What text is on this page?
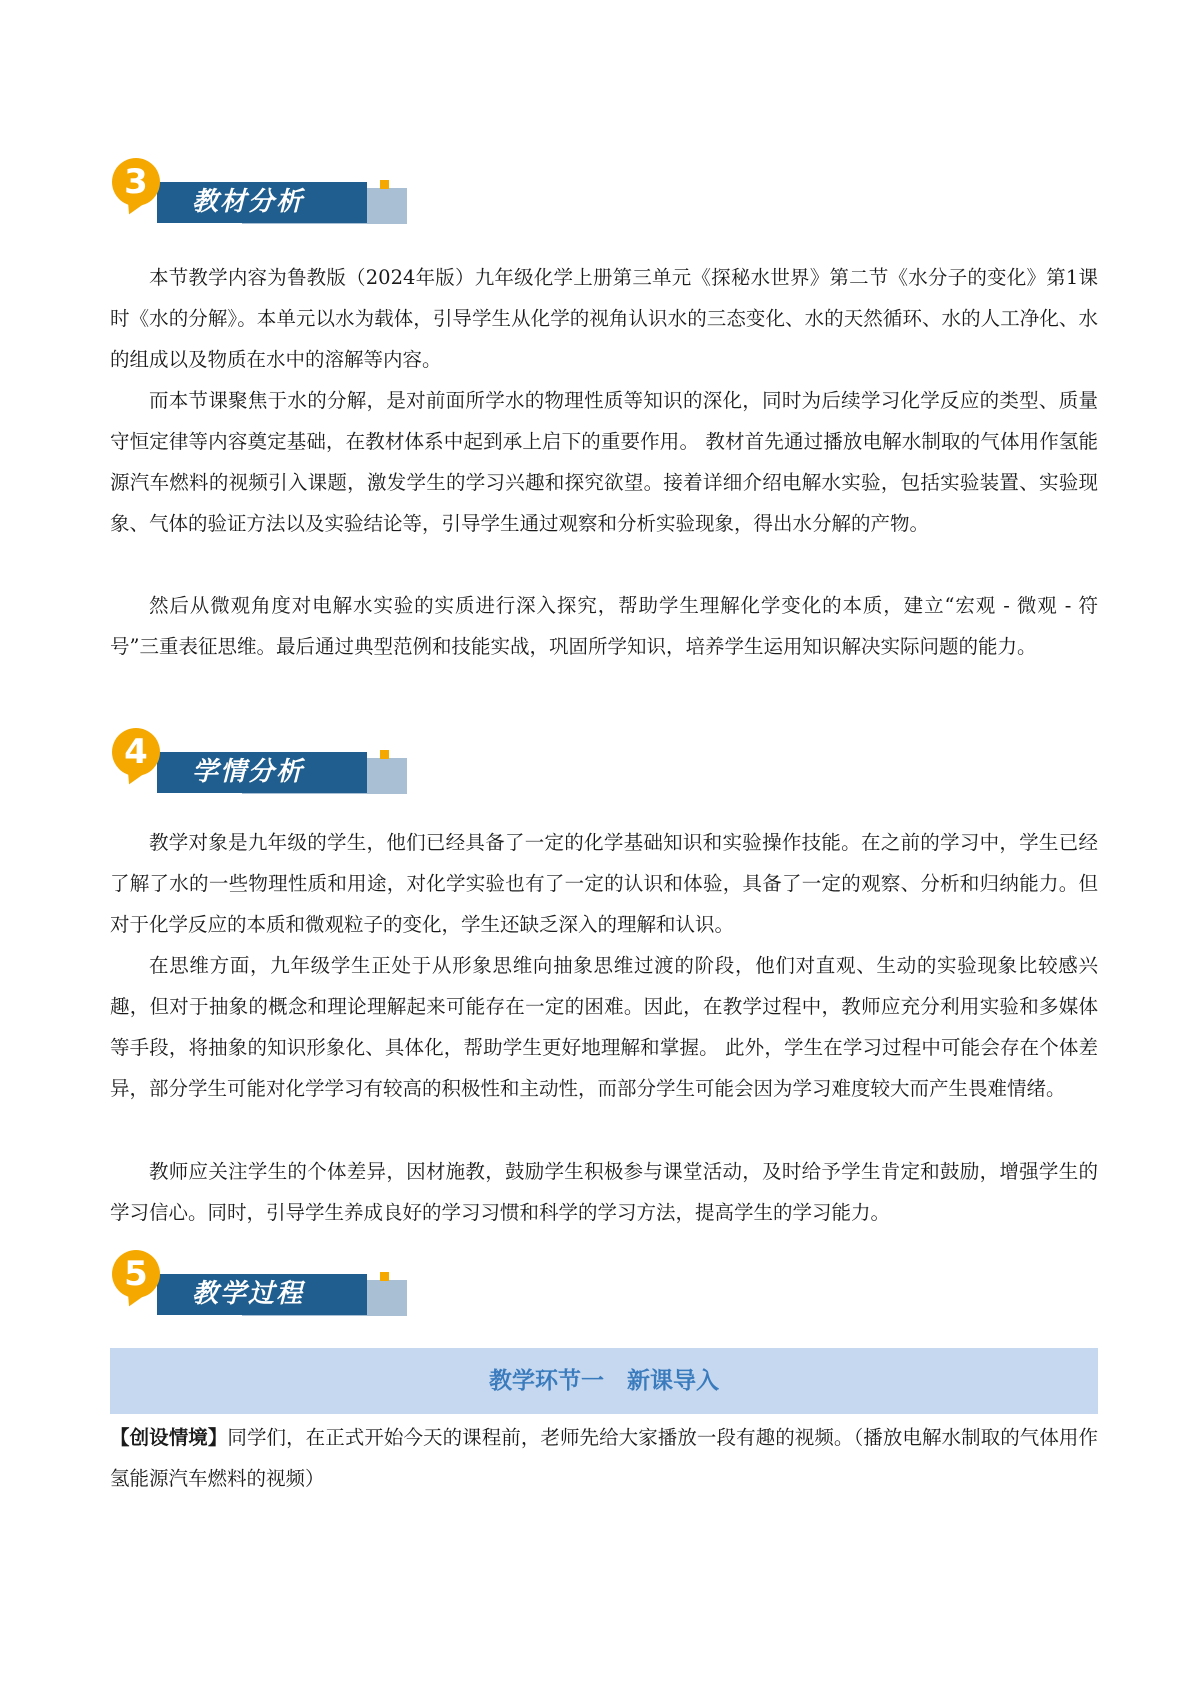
教材分析
3

本节教学内容为鲁教版（2024年版）九年级化学上册第三单元《探秘水世界》第二节《水分子的变化》第1课时《水的分解》。本单元以水为载体，引导学生从化学的视角认识水的三态变化、水的天然循环、水的人工净化、水的组成以及物质在水中的溶解等内容。

而本节课聚焦于水的分解，是对前面所学水的物理性质等知识的深化，同时为后续学习化学反应的类型、质量守恒定律等内容奠定基础，在教材体系中起到承上启下的重要作用。 教材首先通过播放电解水制取的气体用作氢能源汽车燃料的视频引入课题，激发学生的学习兴趣和探究欲望。接着详细介绍电解水实验，包括实验装置、实验现象、气体的验证方法以及实验结论等，引导学生通过观察和分析实验现象，得出水分解的产物。

然后从微观角度对电解水实验的实质进行深入探究，帮助学生理解化学变化的本质，建立“宏观 - 微观 - 符号”三重表征思维。最后通过典型范例和技能实战，巩固所学知识，培养学生运用知识解决实际问题的能力。

学情分析
4

教学对象是九年级的学生，他们已经具备了一定的化学基础知识和实验操作技能。在之前的学习中，学生已经了解了水的一些物理性质和用途，对化学实验也有了一定的认识和体验，具备了一定的观察、分析和归纳能力。但对于化学反应的本质和微观粒子的变化，学生还缺乏深入的理解和认识。

在思维方面，九年级学生正处于从形象思维向抽象思维过渡的阶段，他们对直观、生动的实验现象比较感兴趣，但对于抽象的概念和理论理解起来可能存在一定的困难。因此，在教学过程中，教师应充分利用实验和多媒体等手段，将抽象的知识形象化、具体化，帮助学生更好地理解和掌握。 此外，学生在学习过程中可能会存在个体差异，部分学生可能对化学学习有较高的积极性和主动性，而部分学生可能会因为学习难度较大而产生畏难情绪。

教师应关注学生的个体差异，因材施教，鼓励学生积极参与课堂活动，及时给予学生肯定和鼓励，增强学生的学习信心。同时，引导学生养成良好的学习习惯和科学的学习方法，提高学生的学习能力。

教学过程
5
教学环节一　新课导入

【创设情境】同学们，在正式开始今天的课程前，老师先给大家播放一段有趣的视频。（播放电解水制取的气体用作氢能源汽车燃料的视频）
